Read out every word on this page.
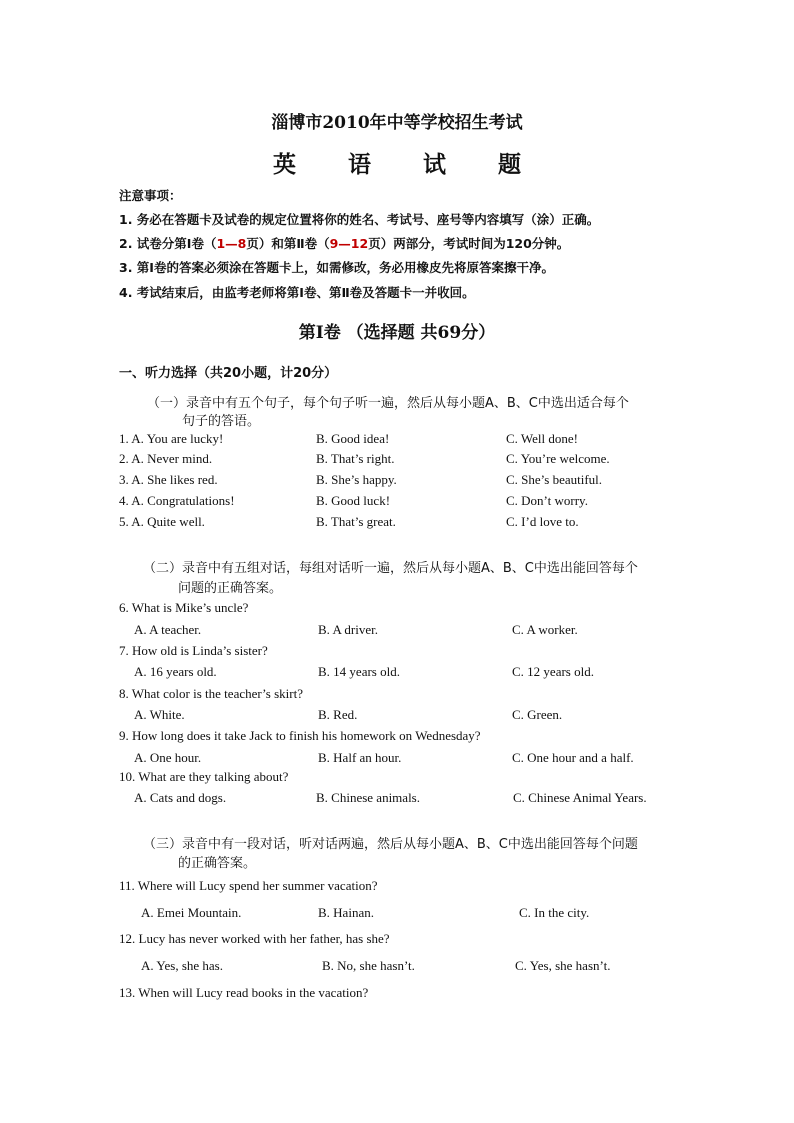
淄博市2010年中等学校招生考试
英 语 试 题
注意事项：
1. 务必在答题卡及试卷的规定位置将你的姓名、考试号、座号等内容填写（涂）正确。
2. 试卷分第Ⅰ卷（1—8页）和第Ⅱ卷（9—12页）两部分，考试时间为120分钟。
3. 第Ⅰ卷的答案必须涂在答题卡上，如需修改，务必用橡皮先将原答案擦干净。
4. 考试结束后，由监考老师将第Ⅰ卷、第Ⅱ卷及答题卡一并收回。
第Ⅰ卷 （选择题 共69分）
一、听力选择（共20小题，计20分）
（一）录音中有五个句子，每个句子听一遍，然后从每小题A、B、C中选出适合每个
句子的答语。
1. A. You are lucky!	B. Good idea!	C. Well done!
2. A. Never mind.	B. That’s right.	C. You’re welcome.
3. A. She likes red.	B. She’s happy.	C. She’s beautiful.
4. A. Congratulations!	B. Good luck!	C. Don’t worry.
5. A. Quite well.	B. That’s great.	C. I’d love to.
（二）录音中有五组对话，每组对话听一遍，然后从每小题A、B、C中选出能回答每个
问题的正确答案。
6. What is Mike’s uncle?
A. A teacher.	B. A driver.	C. A worker.
7. How old is Linda’s sister?
A. 16 years old.	B. 14 years old.	C. 12 years old.
8. What color is the teacher’s skirt?
A. White.	B. Red.	C. Green.
9. How long does it take Jack to finish his homework on Wednesday?
A. One hour.	B. Half an hour.	C. One hour and a half.
10. What are they talking about?
A. Cats and dogs.	B. Chinese animals.	C. Chinese Animal Years.
（三）录音中有一段对话，听对话两遍，然后从每小题A、B、C中选出能回答每个问题
的正确答案。
11. Where will Lucy spend her summer vacation?
A. Emei Mountain.	B. Hainan.	C. In the city.
12. Lucy has never worked with her father, has she?
A. Yes, she has.	B. No, she hasn’t.	C. Yes, she hasn’t.
13. When will Lucy read books in the vacation?
